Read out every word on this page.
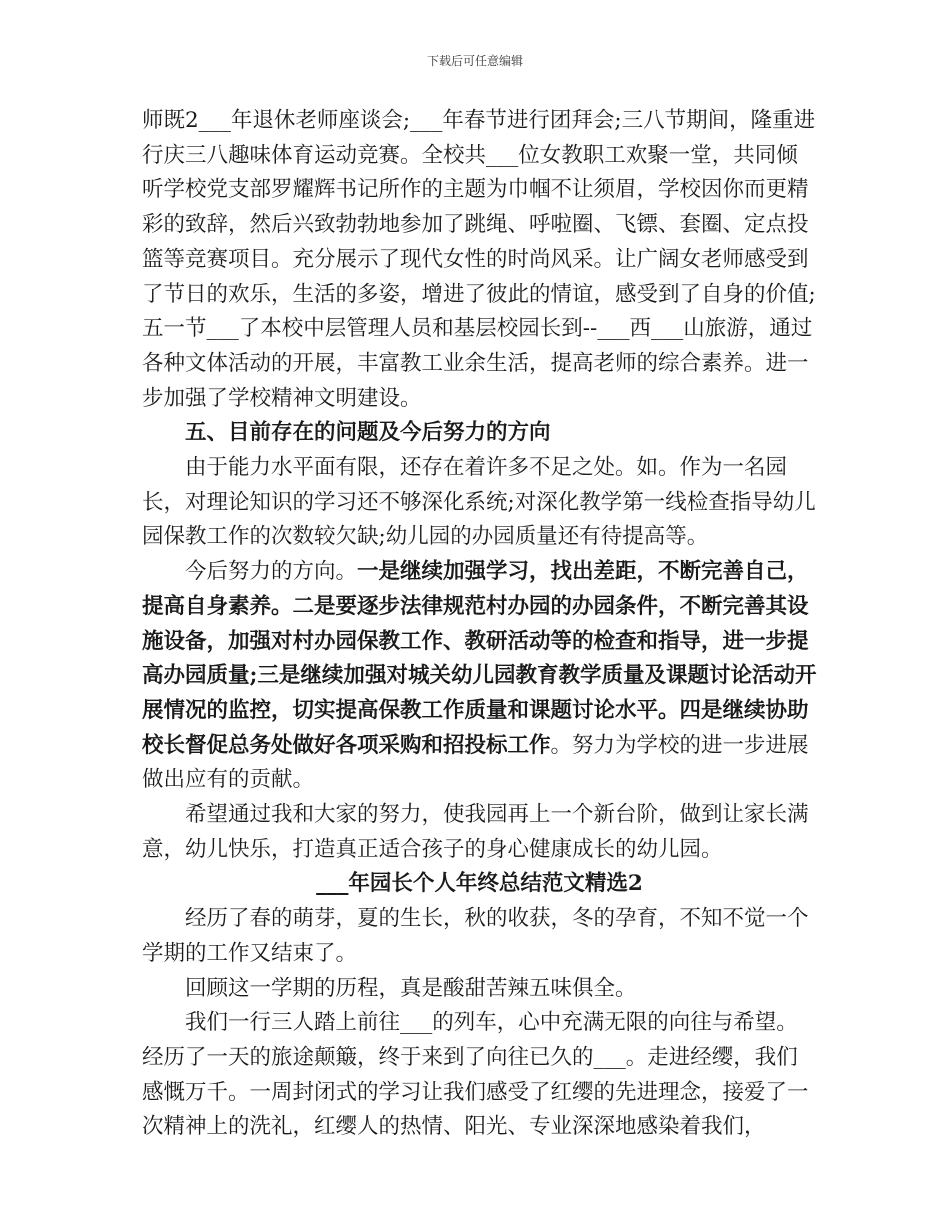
下载后可任意编辑

师既2___年退休老师座谈会;___年春节进行团拜会;三八节期间，隆重进行庆三八趣味体育运动竞赛。全校共___位女教职工欢聚一堂，共同倾听学校党支部罗耀辉书记所作的主题为巾帼不让须眉，学校因你而更精彩的致辞，然后兴致勃勃地参加了跳绳、呼啦圈、飞镖、套圈、定点投篮等竞赛项目。充分展示了现代女性的时尚风采。让广阔女老师感受到了节日的欢乐，生活的多姿，增进了彼此的情谊，感受到了自身的价值;五一节___了本校中层管理人员和基层校园长到--___西___山旅游，通过各种文体活动的开展，丰富教工业余生活，提高老师的综合素养。进一步加强了学校精神文明建设。

五、目前存在的问题及今后努力的方向

由于能力水平面有限，还存在着许多不足之处。如。作为一名园长，对理论知识的学习还不够深化系统;对深化教学第一线检查指导幼儿园保教工作的次数较欠缺;幼儿园的办园质量还有待提高等。

今后努力的方向。一是继续加强学习，找出差距，不断完善自己，提高自身素养。二是要逐步法律规范村办园的办园条件，不断完善其设施设备，加强对村办园保教工作、教研活动等的检查和指导，进一步提高办园质量;三是继续加强对城关幼儿园教育教学质量及课题讨论活动开展情况的监控，切实提高保教工作质量和课题讨论水平。四是继续协助校长督促总务处做好各项采购和招投标工作。努力为学校的进一步进展做出应有的贡献。

希望通过我和大家的努力，使我园再上一个新台阶，做到让家长满意，幼儿快乐，打造真正适合孩子的身心健康成长的幼儿园。

___年园长个人年终总结范文精选2

经历了春的萌芽，夏的生长，秋的收获，冬的孕育，不知不觉一个学期的工作又结束了。

回顾这一学期的历程，真是酸甜苦辣五味俱全。

我们一行三人踏上前往___的列车，心中充满无限的向往与希望。经历了一天的旅途颠簸，终于来到了向往已久的___。走进经缨，我们感慨万千。一周封闭式的学习让我们感受了红缨的先进理念，接爱了一次精神上的洗礼，红缨人的热情、阳光、专业深深地感染着我们，
